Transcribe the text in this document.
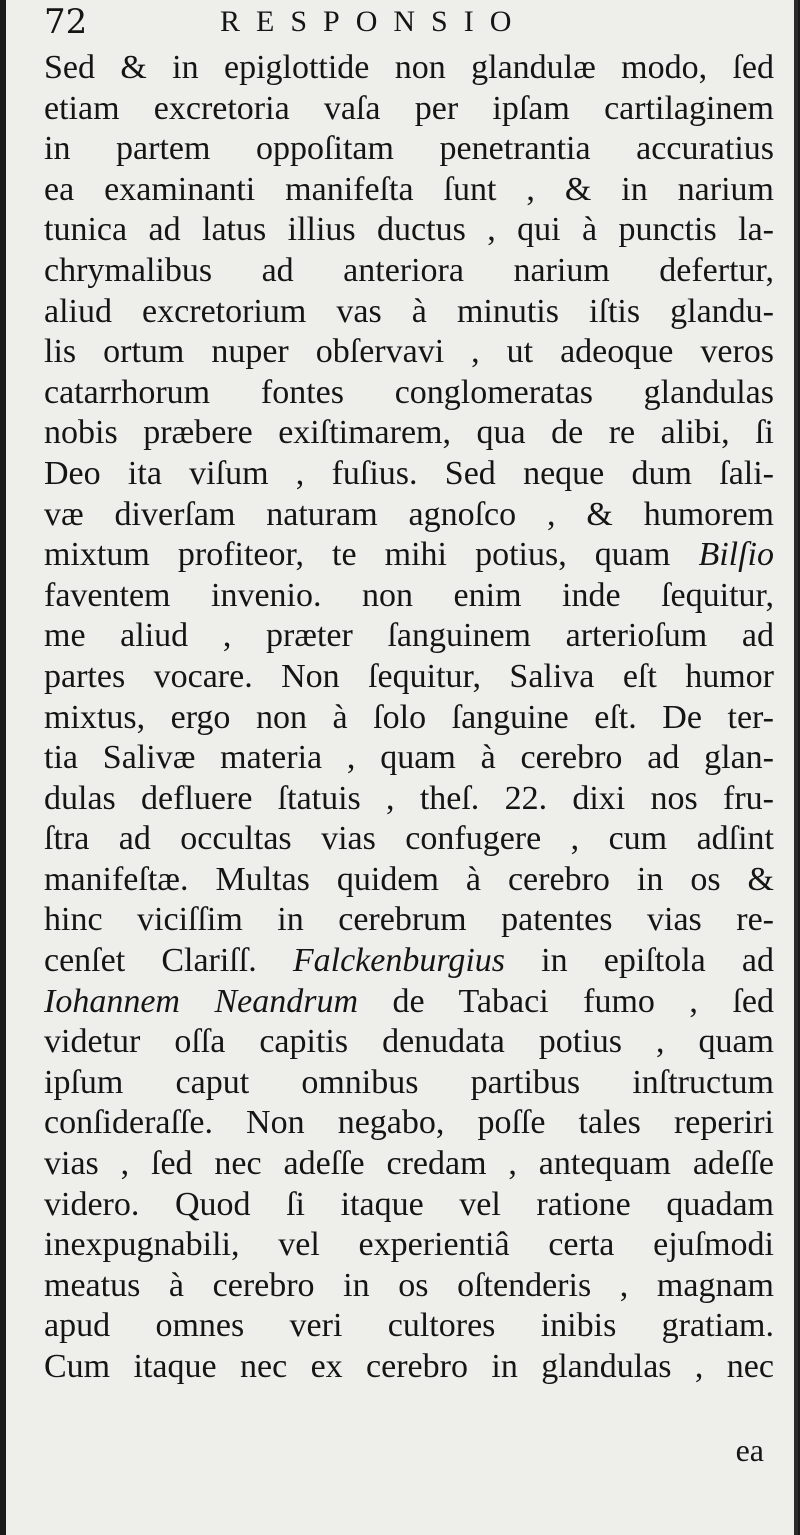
72	RESPONSIO
Sed & in epiglottide non glandulæ modo, ſed
etiam excretoria vaſa per ipſam cartilaginem
in partem oppoſitam penetrantia accuratius
ea examinanti manifeſta ſunt , & in narium
tunica ad latus illius ductus , qui à punctis la-
chrymalibus ad anteriora narium defertur,
aliud excretorium vas à minutis iſtis glandu-
lis ortum nuper obſervavi , ut adeoque veros
catarrhorum fontes conglomeratas glandulas
nobis præbere exiſtimarem, qua de re alibi, ſi
Deo ita viſum , fuſius. Sed neque dum ſali-
væ diverſam naturam agnoſco , & humorem
mixtum profiteor, te mihi potius, quam Bilſio
faventem invenio. non enim inde ſequitur,
me aliud , præter ſanguinem arterioſum ad
partes vocare. Non ſequitur, Saliva eſt humor
mixtus, ergo non à ſolo ſanguine eſt. De ter-
tia Salivæ materia , quam à cerebro ad glan-
dulas defluere ſtatuis , theſ. 22. dixi nos fru-
ſtra ad occultas vias confugere , cum adſint
manifeſtæ. Multas quidem à cerebro in os &
hinc viciſſim in cerebrum patentes vias re-
cenſet Clariſſ. Falckenburgius in epiſtola ad
Iohannem Neandrum de Tabaci fumo , ſed
videtur oſſa capitis denudata potius , quam
ipſum caput omnibus partibus inſtructum
conſideraſſe. Non negabo, poſſe tales reperiri
vias , ſed nec adeſſe credam , antequam adeſſe
videro. Quod ſi itaque vel ratione quadam
inexpugnabili, vel experientiâ certa ejuſmodi
meatus à cerebro in os oſtenderis , magnam
apud omnes veri cultores inibis gratiam.
Cum itaque nec ex cerebro in glandulas , nec
ea
